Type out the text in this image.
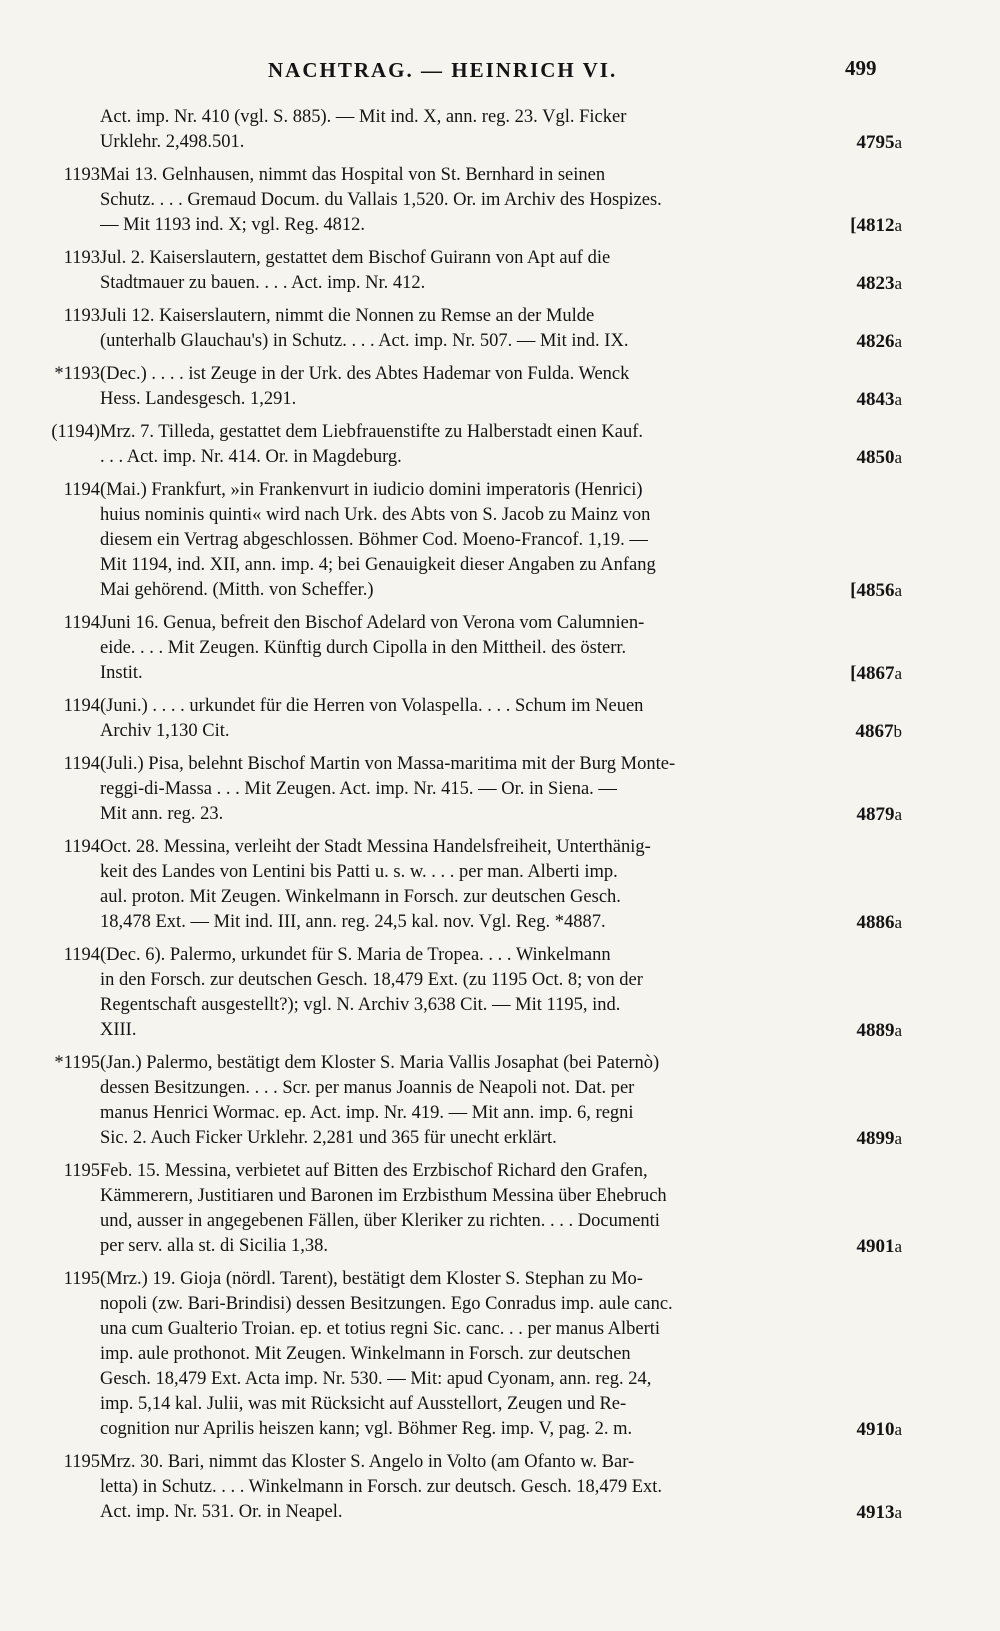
NACHTRAG. — HEINRICH VI.	499
Act. imp. Nr. 410 (vgl. S. 885). — Mit ind. X, ann. reg. 23. Vgl. Ficker
Urklehr. 2,498.501.	4795a
1193 Mai 13. Gelnhausen, nimmt das Hospital von St. Bernhard in seinen
Schutz. . . . Gremaud Docum. du Vallais 1,520. Or. im Archiv des Hospizes.
— Mit 1193 ind. X; vgl. Reg. 4812.	[4812a
1193 Jul. 2. Kaiserslautern, gestattet dem Bischof Guirann von Apt auf die
Stadtmauer zu bauen. . . . Act. imp. Nr. 412.	4823a
1193 Juli 12. Kaiserslautern, nimmt die Nonnen zu Remse an der Mulde
(unterhalb Glauchau's) in Schutz. . . . Act. imp. Nr. 507. — Mit ind. IX.	4826a
*1193 (Dec.) . . . . ist Zeuge in der Urk. des Abtes Hademar von Fulda. Wenck
Hess. Landesgesch. 1,291.	4843a
(1194) Mrz. 7. Tilleda, gestattet dem Liebfrauenstifte zu Halberstadt einen Kauf.
. . . Act. imp. Nr. 414. Or. in Magdeburg.	4850a
1194 (Mai.) Frankfurt, »in Frankenvurt in iudicio domini imperatoris (Henrici)
huius nominis quinti« wird nach Urk. des Abts von S. Jacob zu Mainz von
diesem ein Vertrag abgeschlossen. Böhmer Cod. Moeno-Francof. 1,19. —
Mit 1194, ind. XII, ann. imp. 4; bei Genauigkeit dieser Angaben zu Anfang
Mai gehörend. (Mitth. von Scheffer.)	[4856a
1194 Juni 16. Genua, befreit den Bischof Adelard von Verona vom Calumnien-
eide. . . . Mit Zeugen. Künftig durch Cipolla in den Mittheil. des österr.
Instit.	[4867a
1194 (Juni.) . . . . urkundet für die Herren von Volaspella. . . . Schum im Neuen
Archiv 1,130 Cit.	4867b
1194 (Juli.) Pisa, belehnt Bischof Martin von Massa-maritima mit der Burg Monte-
reggi-di-Massa . . . Mit Zeugen. Act. imp. Nr. 415. — Or. in Siena. —
Mit ann. reg. 23.	4879a
1194 Oct. 28. Messina, verleiht der Stadt Messina Handelsfreiheit, Unterthänig-
keit des Landes von Lentini bis Patti u. s. w. . . . per man. Alberti imp.
aul. proton. Mit Zeugen. Winkelmann in Forsch. zur deutschen Gesch.
18,478 Ext. — Mit ind. III, ann. reg. 24,5 kal. nov. Vgl. Reg. *4887.	4886a
1194 (Dec. 6). Palermo, urkundet für S. Maria de Tropea. . . . Winkelmann
in den Forsch. zur deutschen Gesch. 18,479 Ext. (zu 1195 Oct. 8; von der
Regentschaft ausgestellt?); vgl. N. Archiv 3,638 Cit. — Mit 1195, ind.
XIII.	4889a
*1195 (Jan.) Palermo, bestätigt dem Kloster S. Maria Vallis Josaphat (bei Paternò)
dessen Besitzungen. . . . Scr. per manus Joannis de Neapoli not. Dat. per
manus Henrici Wormac. ep. Act. imp. Nr. 419. — Mit ann. imp. 6, regni
Sic. 2. Auch Ficker Urklehr. 2,281 und 365 für unecht erklärt.	4899a
1195 Feb. 15. Messina, verbietet auf Bitten des Erzbischof Richard den Grafen,
Kämmerern, Justitiaren und Baronen im Erzbisthum Messina über Ehebruch
und, ausser in angegebenen Fällen, über Kleriker zu richten. . . . Documenti
per serv. alla st. di Sicilia 1,38.	4901a
1195 (Mrz.) 19. Gioja (nördl. Tarent), bestätigt dem Kloster S. Stephan zu Mo-
nopoli (zw. Bari-Brindisi) dessen Besitzungen. Ego Conradus imp. aule canc.
una cum Gualterio Troian. ep. et totius regni Sic. canc. . . per manus Alberti
imp. aule prothonot. Mit Zeugen. Winkelmann in Forsch. zur deutschen
Gesch. 18,479 Ext. Acta imp. Nr. 530. — Mit: apud Cyonam, ann. reg. 24,
imp. 5,14 kal. Julii, was mit Rücksicht auf Ausstellort, Zeugen und Re-
cognition nur Aprilis heiszen kann; vgl. Böhmer Reg. imp. V, pag. 2. m.	4910a
1195 Mrz. 30. Bari, nimmt das Kloster S. Angelo in Volto (am Ofanto w. Bar-
letta) in Schutz. . . . Winkelmann in Forsch. zur deutsch. Gesch. 18,479 Ext.
Act. imp. Nr. 531. Or. in Neapel.	4913a
